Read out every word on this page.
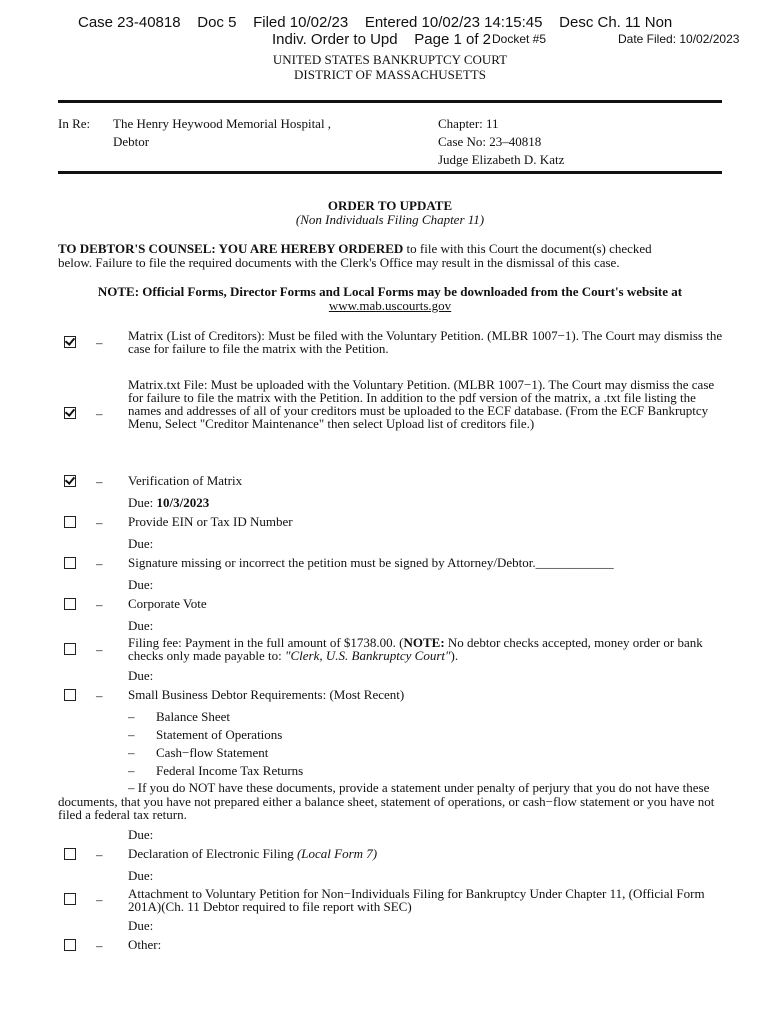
Case 23-40818    Doc 5    Filed 10/02/23    Entered 10/02/23 14:15:45    Desc Ch. 11 Non
Indiv. Order to Upd    Page 1 of 2 Docket #5	Date Filed: 10/02/2023
UNITED STATES BANKRUPTCY COURT
DISTRICT OF MASSACHUSETTS
In Re: The Henry Heywood Memorial Hospital ,
Debtor
Chapter: 11
Case No: 23–40818
Judge Elizabeth D. Katz
ORDER TO UPDATE
(Non Individuals Filing Chapter 11)
TO DEBTOR'S COUNSEL: YOU ARE HEREBY ORDERED to file with this Court the document(s) checked
below. Failure to file the required documents with the Clerk's Office may result in the dismissal of this case.
NOTE: Official Forms, Director Forms and Local Forms may be downloaded from the Court's website at
www.mab.uscourts.gov
– Matrix (List of Creditors): Must be filed with the Voluntary Petition. (MLBR 1007−1). The Court may dismiss the case for failure to file the matrix with the Petition.
–
Matrix.txt File: Must be uploaded with the Voluntary Petition. (MLBR 1007−1). The Court may dismiss the case for failure to file the matrix with the Petition. In addition to the pdf version of the matrix, a .txt file listing the names and addresses of all of your creditors must be uploaded to the ECF database. (From the ECF Bankruptcy Menu, Select "Creditor Maintenance" then select Upload list of creditors file.)
– Verification of Matrix
Due: 10/3/2023
– Provide EIN or Tax ID Number
Due:
– Signature missing or incorrect the petition must be signed by Attorney/Debtor.____________
Due:
– Corporate Vote
Due:
– Filing fee: Payment in the full amount of $1738.00. (NOTE: No debtor checks accepted, money order or bank checks only made payable to: "Clerk, U.S. Bankruptcy Court").
Due:
– Small Business Debtor Requirements: (Most Recent)
– Balance Sheet
– Statement of Operations
– Cash−flow Statement
– Federal Income Tax Returns
– If you do NOT have these documents, provide a statement under penalty of perjury that you do not have these documents, that you have not prepared either a balance sheet, statement of operations, or cash−flow statement or you have not filed a federal tax return.
Due:
– Declaration of Electronic Filing (Local Form 7)
Due:
– Attachment to Voluntary Petition for Non−Individuals Filing for Bankruptcy Under Chapter 11, (Official Form 201A)(Ch. 11 Debtor required to file report with SEC)
Due:
– Other:
